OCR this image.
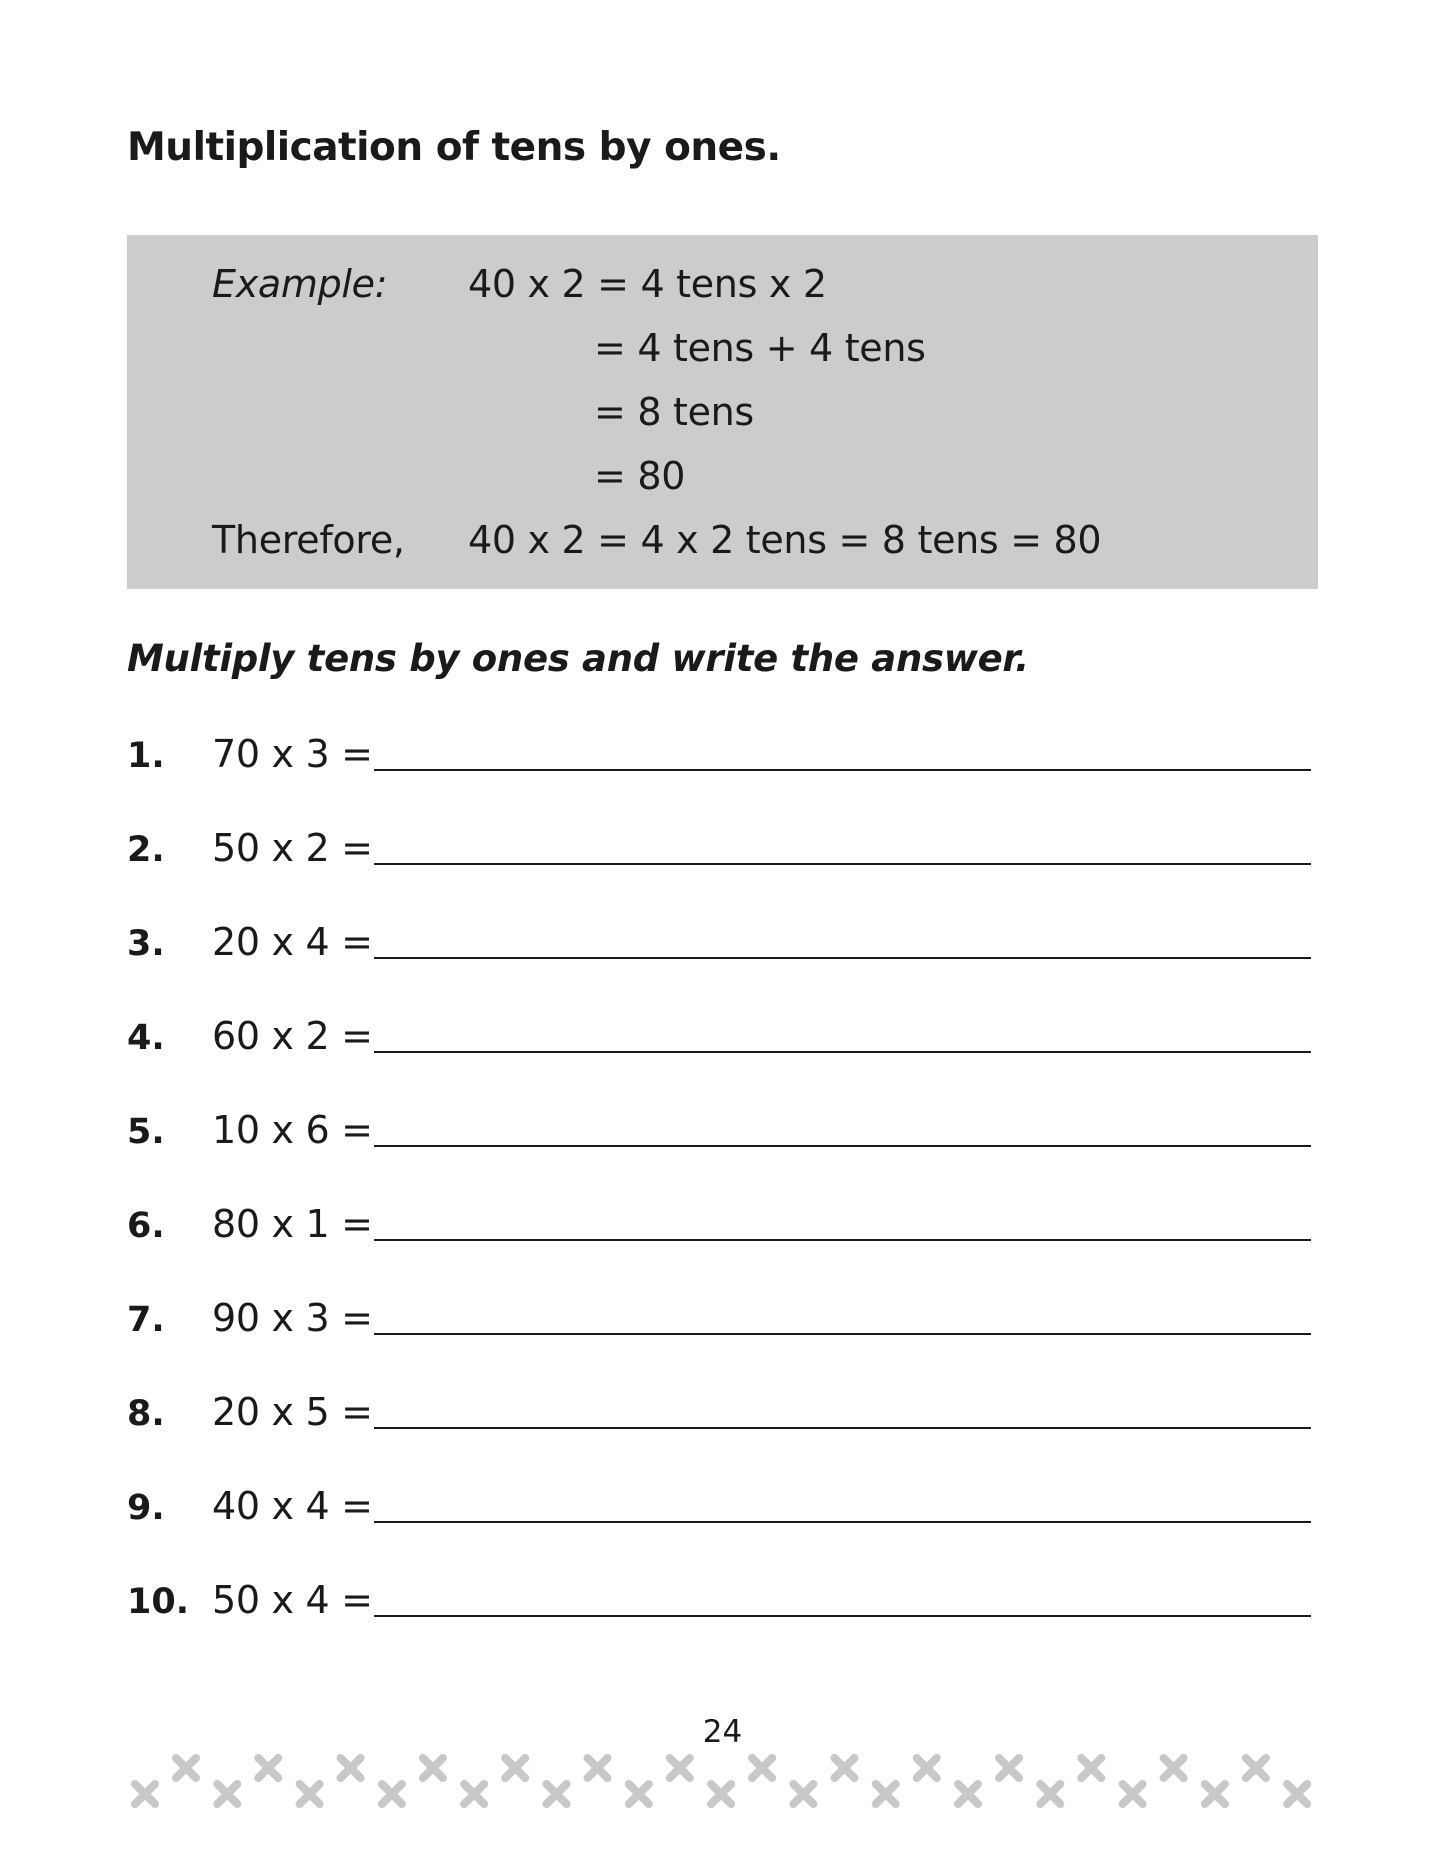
Multiplication of tens by ones.
Example: 40 x 2 = 4 tens x 2
= 4 tens + 4 tens
= 8 tens
= 80
Therefore, 40 x 2 = 4 x 2 tens = 8 tens = 80
Multiply tens by ones and write the answer.
1. 70 x 3 =
2. 50 x 2 =
3. 20 x 4 =
4. 60 x 2 =
5. 10 x 6 =
6. 80 x 1 =
7. 90 x 3 =
8. 20 x 5 =
9. 40 x 4 =
10. 50 x 4 =
24
